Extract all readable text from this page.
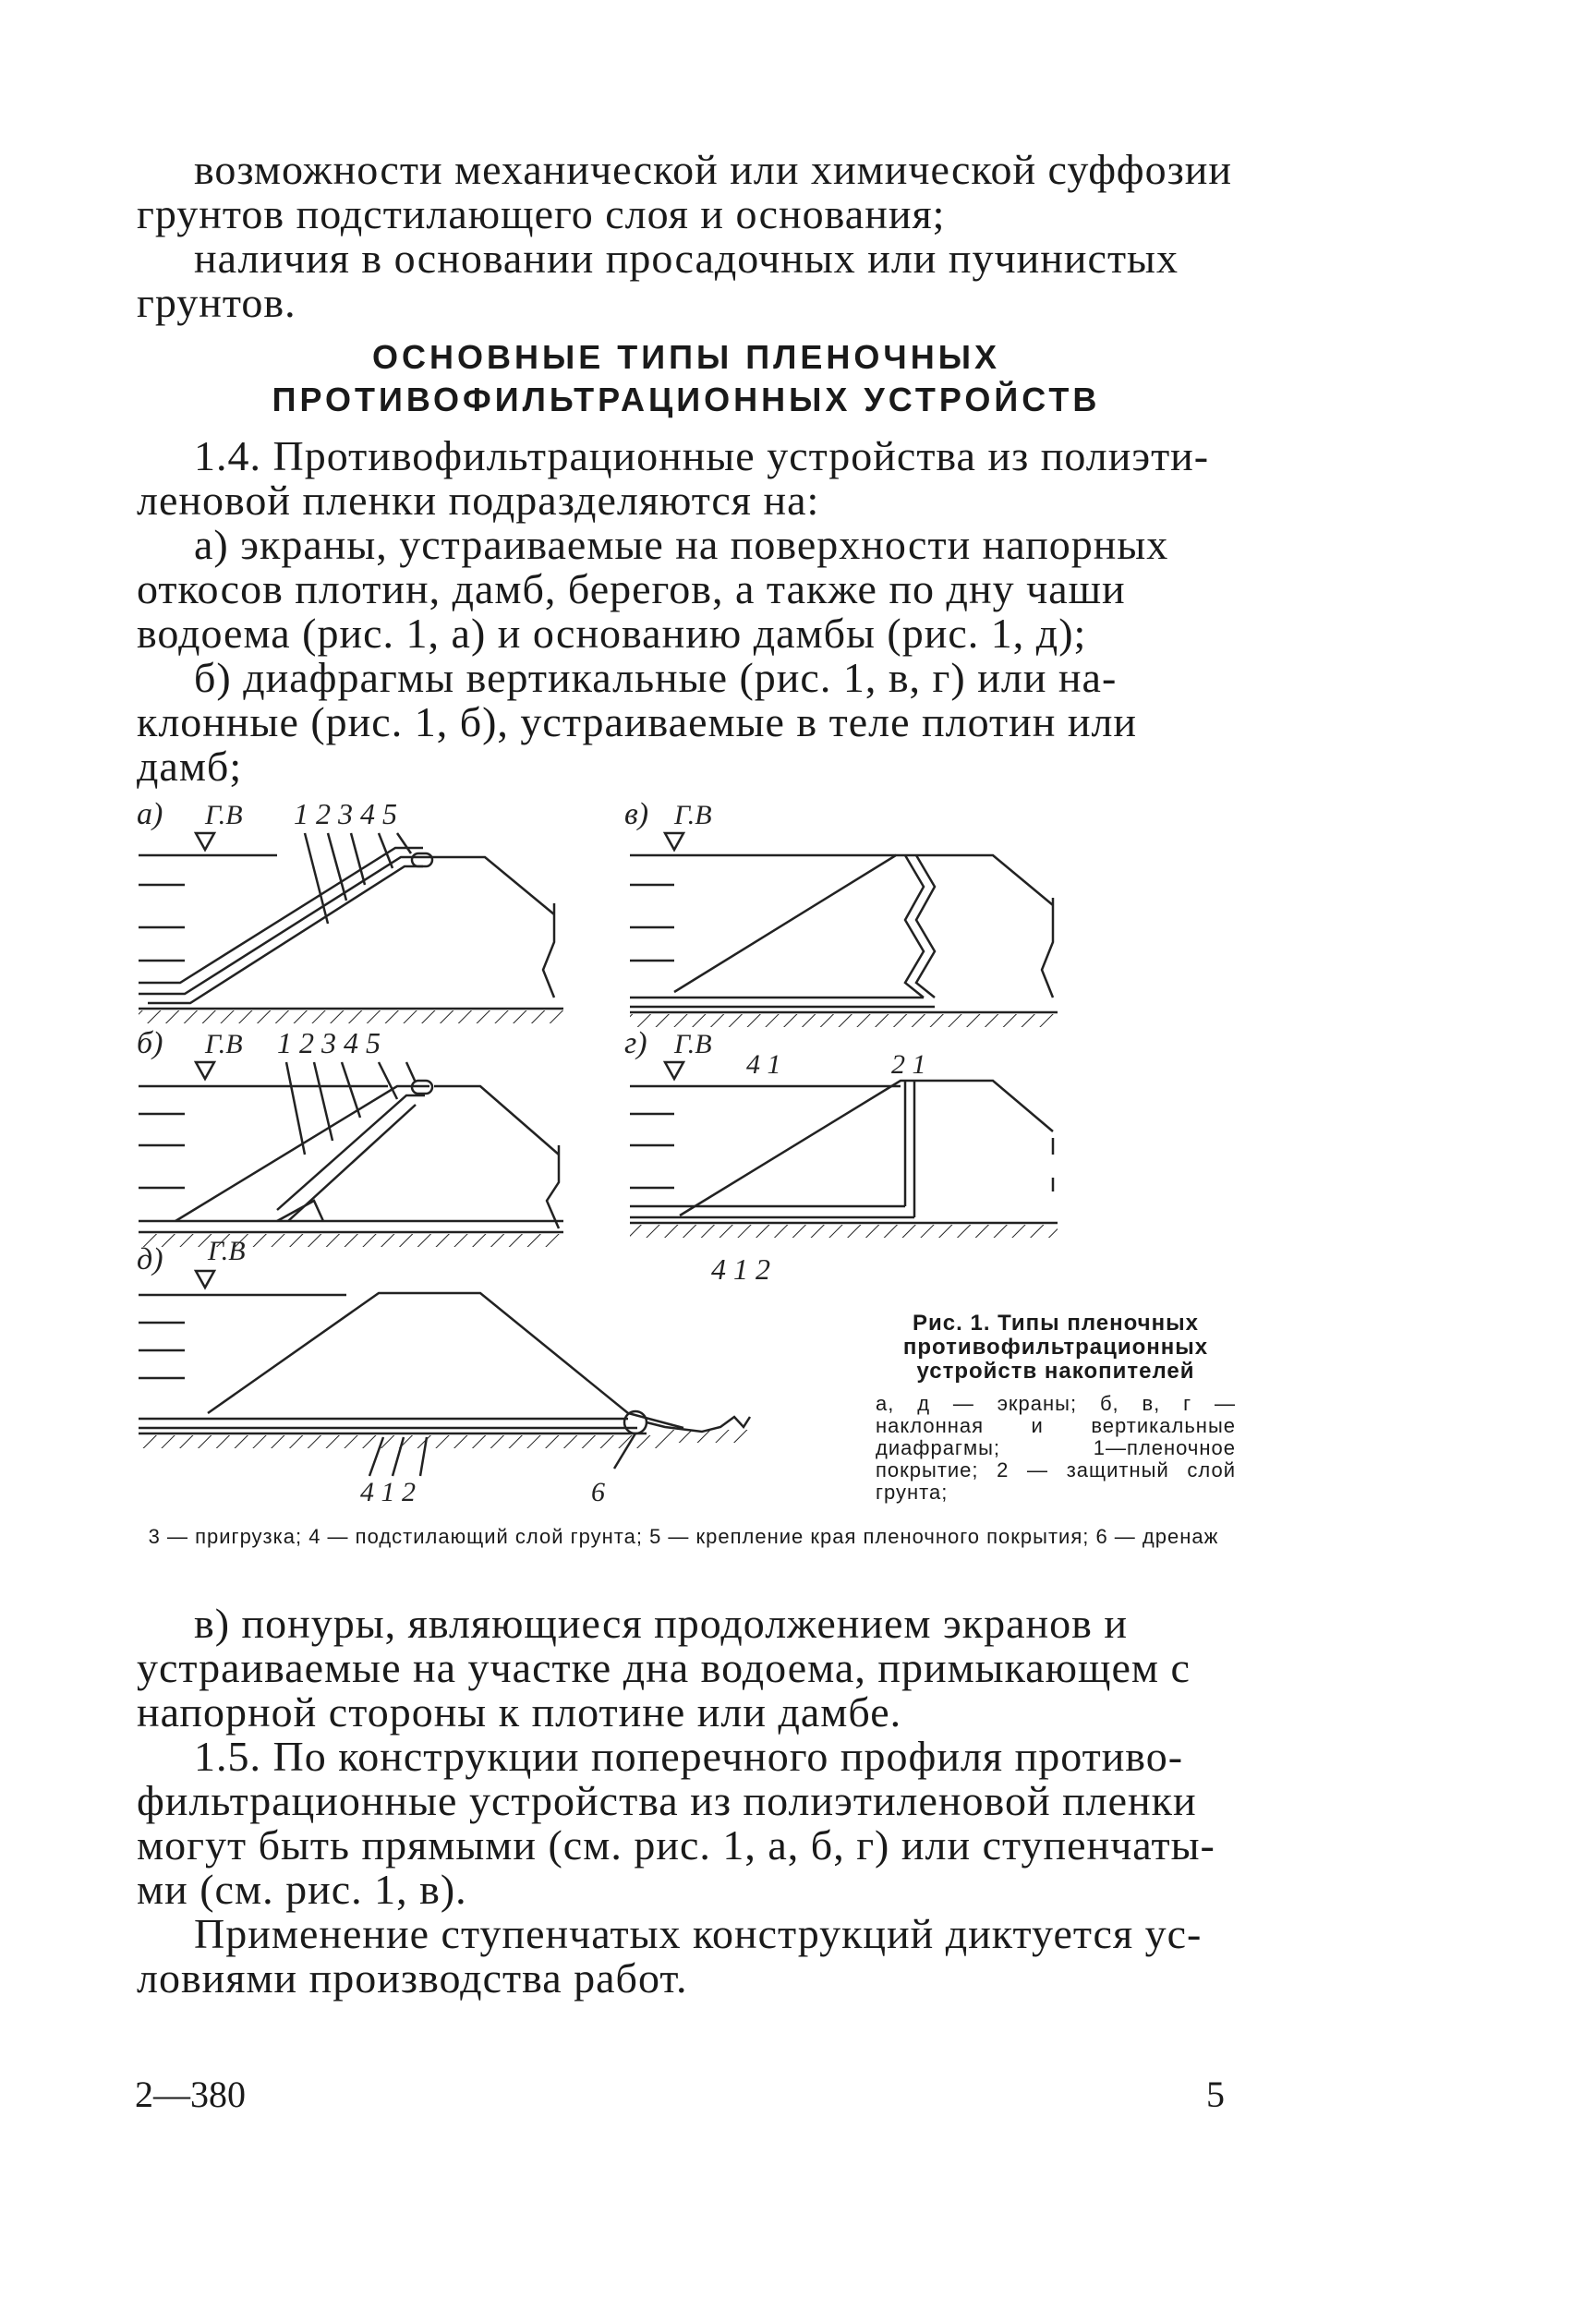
возможности механической или химической суффозии
грунтов подстилающего слоя и основания;
наличия в основании просадочных или пучинистых
грунтов.
ОСНОВНЫЕ ТИПЫ ПЛЕНОЧНЫХ
ПРОТИВОФИЛЬТРАЦИОННЫХ УСТРОЙСТВ
1.4. Противофильтрационные устройства из полиэти-
леновой пленки подразделяются на:
а) экраны, устраиваемые на поверхности напорных
откосов плотин, дамб, берегов, а также по дну чаши
водоема (рис. 1, а) и основанию дамбы (рис. 1, д);
б) диафрагмы вертикальные (рис. 1, в, г) или на-
клонные (рис. 1, б), устраиваемые в теле плотин или
дамб;
а) Г.В 1 2 3 4 5	в) Г.В
б) Г.В 1 2 3 4 5	г) Г.В
4 1	2 1
4 1 2
д) Г.В
4 1 2	6
Рис. 1. Типы пленочных противофильтрационных устройств накопителей
а, д — экраны; б, в, г — наклонная и вертикальные диафрагмы; 1—пленочное покрытие; 2 — защитный слой грунта;
3 — пригрузка; 4 — подстилающий слой грунта; 5 — крепление края пленочного покрытия; 6 — дренаж
в) понуры, являющиеся продолжением экранов и
устраиваемые на участке дна водоема, примыкающем с
напорной стороны к плотине или дамбе.
1.5. По конструкции поперечного профиля противо-
фильтрационные устройства из полиэтиленовой пленки
могут быть прямыми (см. рис. 1, а, б, г) или ступенчаты-
ми (см. рис. 1, в).
Применение ступенчатых конструкций диктуется ус-
ловиями производства работ.
2—380	5
